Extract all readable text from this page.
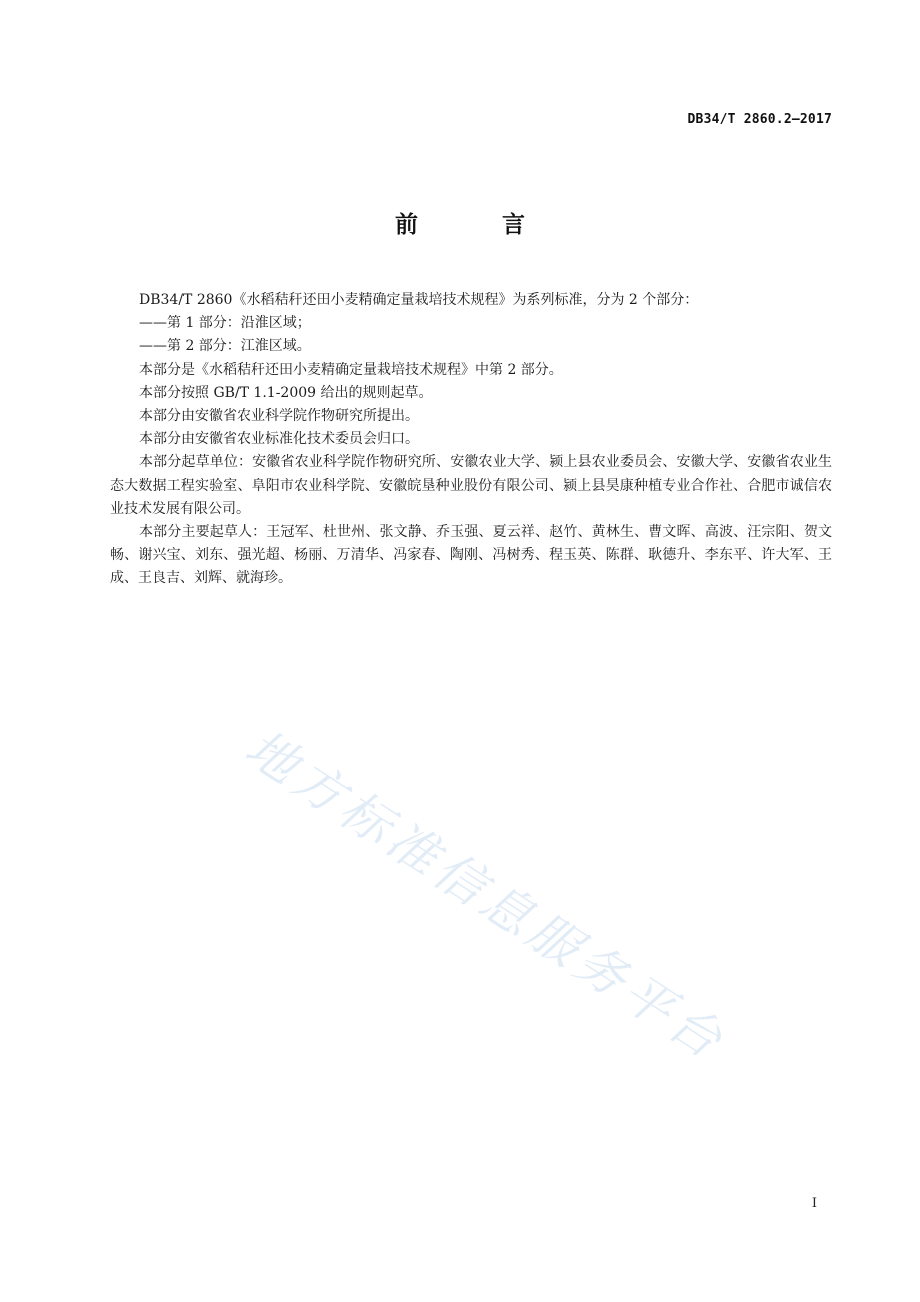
DB34/T 2860.2—2017
前 言

DB34/T 2860《水稻秸秆还田小麦精确定量栽培技术规程》为系列标准，分为 2 个部分：

——第 1 部分：沿淮区域；

——第 2 部分：江淮区域。

本部分是《水稻秸秆还田小麦精确定量栽培技术规程》中第 2 部分。

本部分按照 GB/T 1.1-2009 给出的规则起草。

本部分由安徽省农业科学院作物研究所提出。

本部分由安徽省农业标准化技术委员会归口。

本部分起草单位：安徽省农业科学院作物研究所、安徽农业大学、颍上县农业委员会、安徽大学、安徽省农业生态大数据工程实验室、阜阳市农业科学院、安徽皖垦种业股份有限公司、颍上县昊康种植专业合作社、合肥市诚信农业技术发展有限公司。

本部分主要起草人：王冠军、杜世州、张文静、乔玉强、夏云祥、赵竹、黄林生、曹文晖、高波、汪宗阳、贺文畅、谢兴宝、刘东、强光超、杨丽、万清华、冯家春、陶刚、冯树秀、程玉英、陈群、耿德升、李东平、许大军、王成、王良吉、刘辉、就海珍。

地方标准信息服务平台
I
